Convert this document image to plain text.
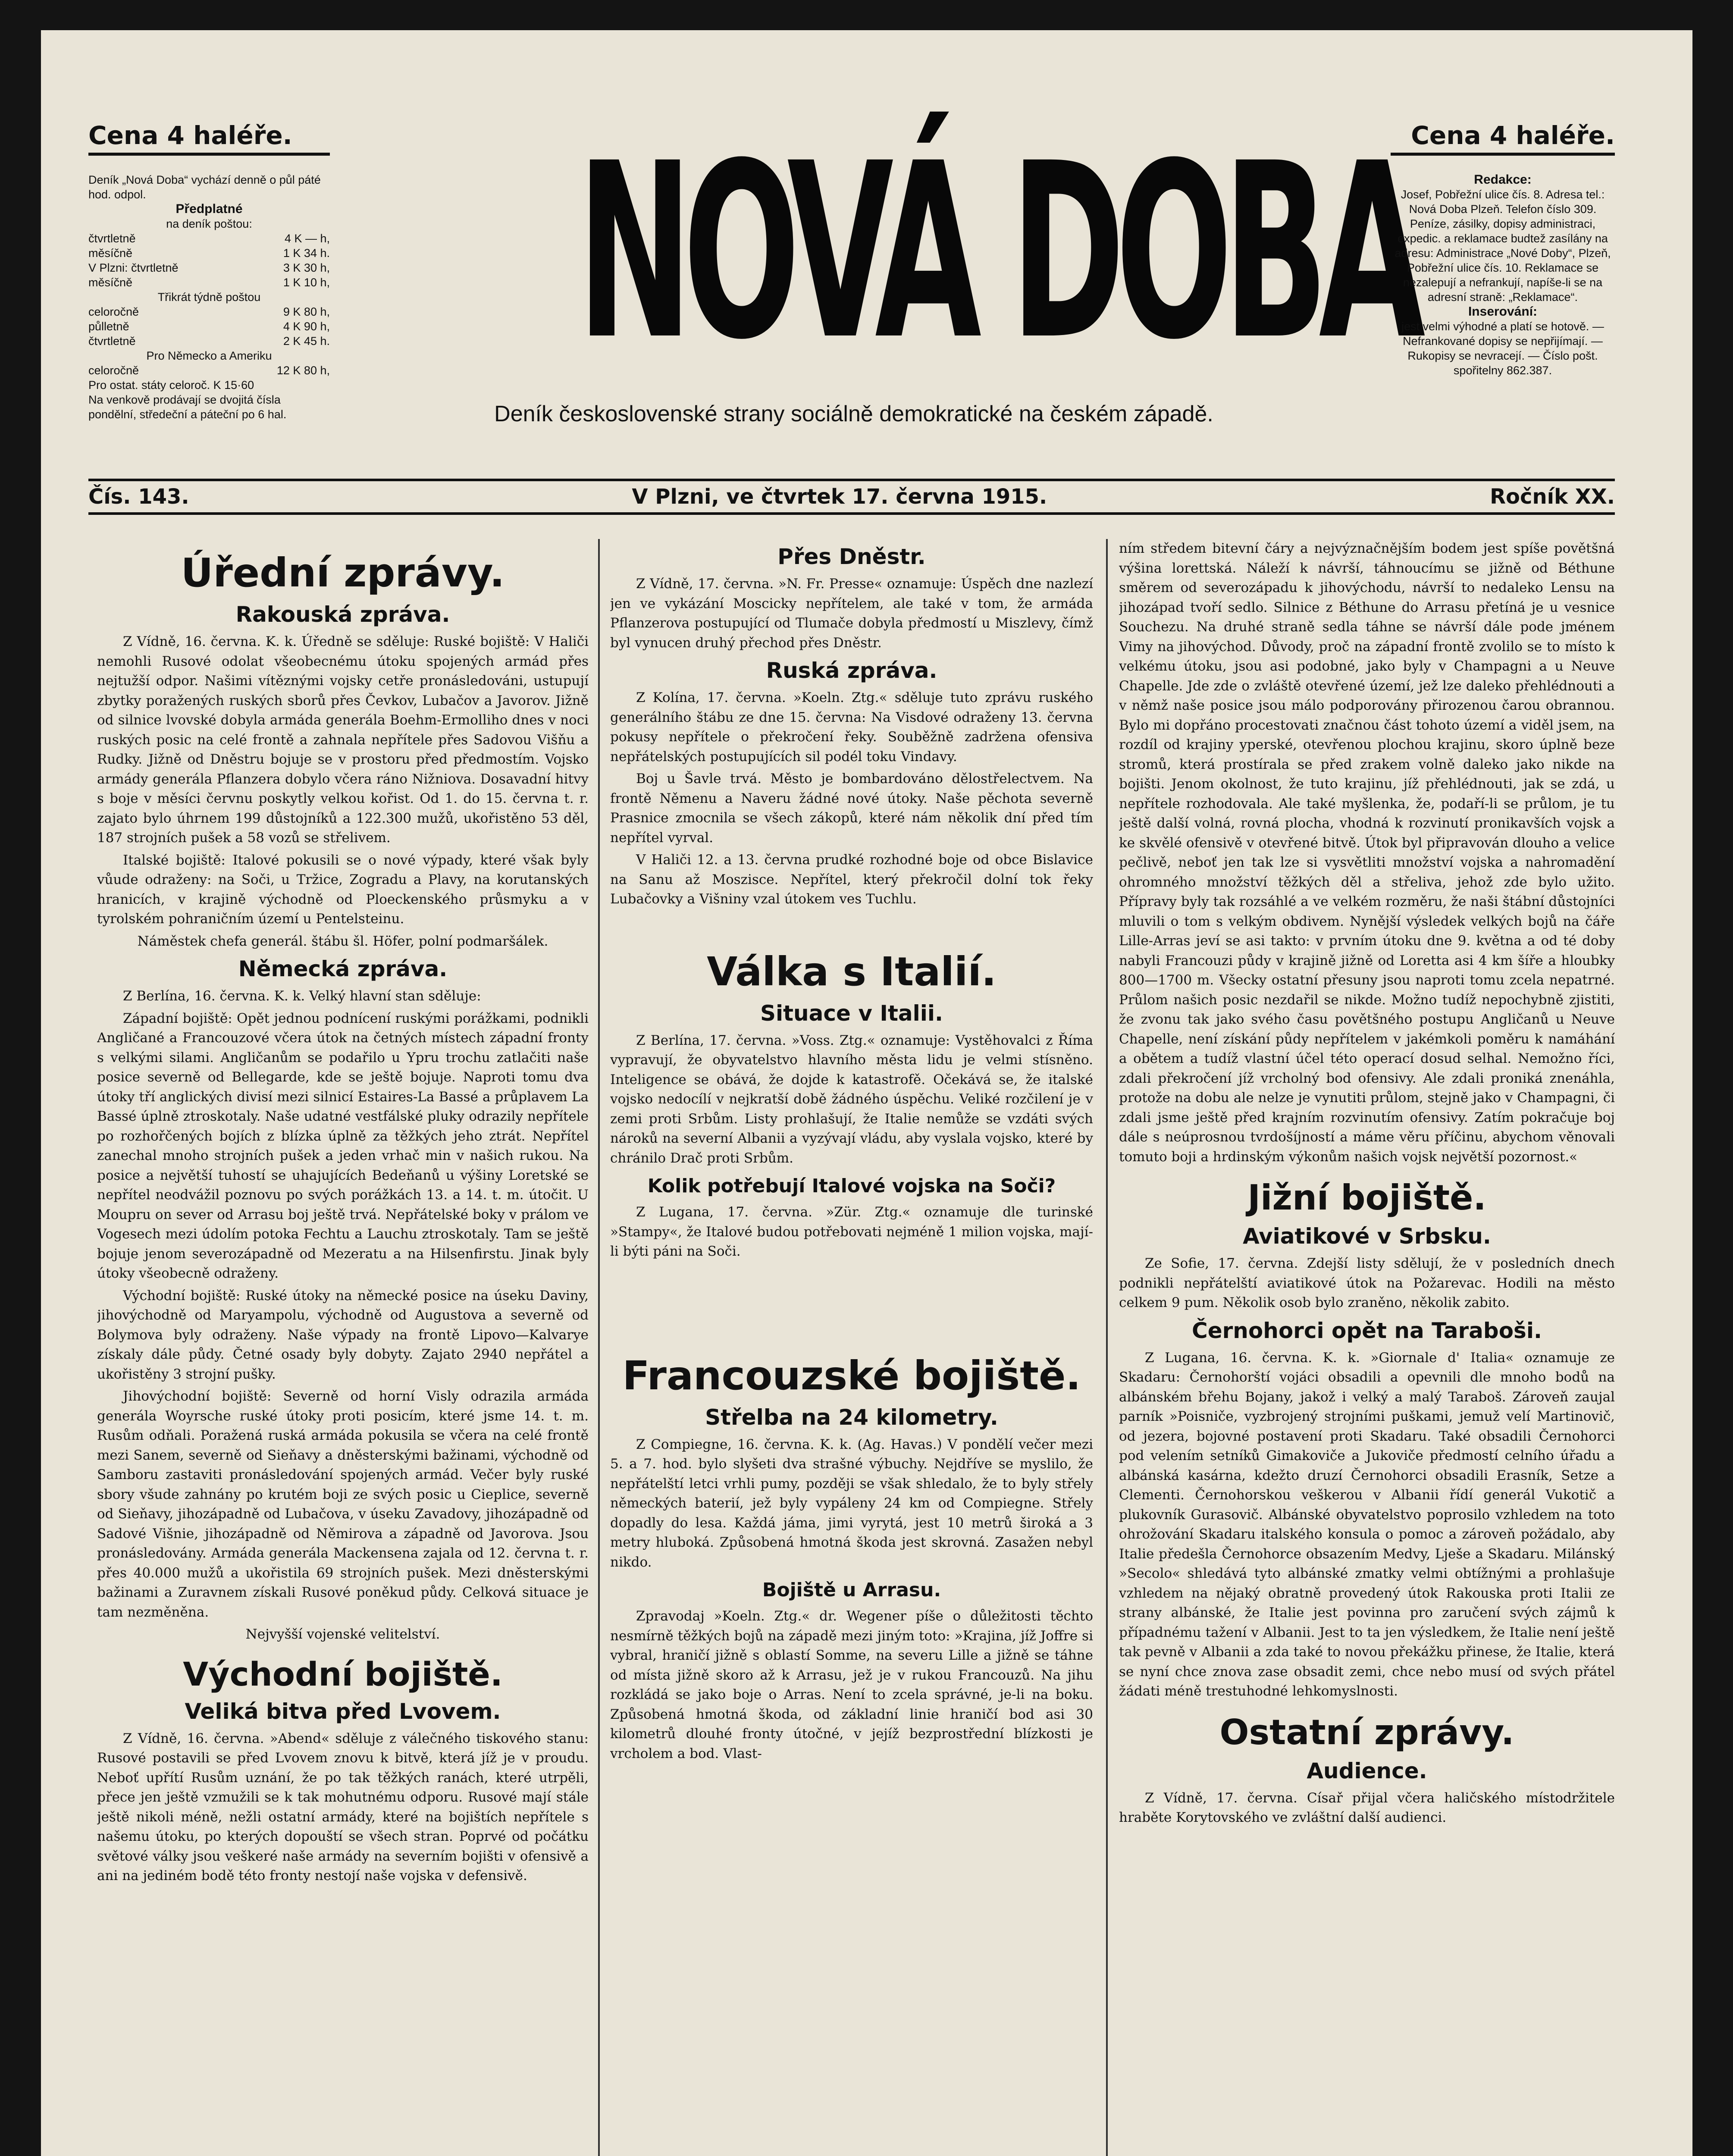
Cena 4 haléře.	Cena 4 haléře.

Deník „Nová Doba“ vychází denně o půl páté hod. odpol.

Předplatné

na deník poštou:

čtvrtletně	4 K — h,
měsíčně	1 K 34 h.
V Plzni: čtvrtletně	3 K 30 h,
měsíčně	1 K 10 h,

Třikrát týdně poštou

celoročně	9 K 80 h,
půlletně	4 K 90 h,
čtvrtletně	2 K 45 h.

Pro Německo a Ameriku

celoročně	12 K 80 h,

Pro ostat. státy celoroč. K 15·60

Na venkově prodávají se dvojitá čísla pondělní, středeční a páteční po 6 hal.

NOVÁ DOBA
Deník československé strany sociálně demokratické na českém západě.
Redakce:

Josef, Pobřežní ulice čís. 8. Adresa tel.: Nová Doba Plzeň. Telefon číslo 309.

Peníze, zásilky, dopisy administraci, expedic. a reklamace budtež zasílány na adresu: Administrace „Nové Doby“, Plzeň, Pobřežní ulice čís. 10. Reklamace se nezalepují a nefrankují, napíše-li se na adresní straně: „Reklamace“.

Inserování:

jest velmi výhodné a platí se hotově. — Nefrankované dopisy se nepřijímají. — Rukopisy se nevracejí. — Číslo pošt. spořitelny 862.387.

Čís. 143.	V Plzni, ve čtvrtek 17. června 1915.	Ročník XX.
Úřední zprávy.
Rakouská zpráva.

Z Vídně, 16. června. K. k. Úředně se sděluje: Ruské bojiště: V Haliči nemohli Rusové odolat všeobecnému útoku spojených armád přes nejtužší odpor. Našimi vítěznými vojsky cetře pronásledováni, ustupují zbytky poražených ruských sborů přes Čevkov, Lubačov a Javorov. Jižně od silnice lvovské dobyla armáda generála Boehm-Ermolliho dnes v noci ruských posic na celé frontě a zahnala nepřítele přes Sadovou Višňu a Rudky. Jižně od Dněstru bojuje se v prostoru před předmostím. Vojsko armády generála Pflanzera dobylo včera ráno Nižniova. Dosavadní hitvy s boje v měsíci červnu poskytly velkou kořist. Od 1. do 15. června t. r. zajato bylo úhrnem 199 důstojníků a 122.300 mužů, ukořistěno 53 děl, 187 strojních pušek a 58 vozů se střelivem.

Italské bojiště: Italové pokusili se o nové výpady, které však byly vůude odraženy: na Soči, u Tržice, Zogradu a Plavy, na korutanských hranicích, v krajině východně od Ploeckenského průsmyku a v tyrolském pohraničním území u Pentelsteinu.

Náměstek chefa generál. štábu šl. Höfer, polní podmaršálek.

Německá zpráva.

Z Berlína, 16. června. K. k. Velký hlavní stan sděluje:

Západní bojiště: Opět jednou podnícení ruskými porážkami, podnikli Angličané a Francouzové včera útok na četných místech západní fronty s velkými silami. Angličanům se podařilo u Ypru trochu zatlačiti naše posice severně od Bellegarde, kde se ještě bojuje. Naproti tomu dva útoky tří anglických divisí mezi silnicí Estaires-La Bassé a průplavem La Bassé úplně ztroskotaly. Naše udatné vestfálské pluky odrazily nepřítele po rozhořčených bojích z blízka úplně za těžkých jeho ztrát. Nepřítel zanechal mnoho strojních pušek a jeden vrhač min v našich rukou. Na posice a největší tuhostí se uhajujících Bedeňanů u výšiny Loretské se nepřítel neodvážil poznovu po svých porážkách 13. a 14. t. m. útočit. U Moupru on sever od Arrasu boj ještě trvá. Nepřátelské boky v prálom ve Vogesech mezi údolím potoka Fechtu a Lauchu ztroskotaly. Tam se ještě bojuje jenom severozápadně od Mezeratu a na Hilsenfirstu. Jinak byly útoky všeobecně odraženy.

Východní bojiště: Ruské útoky na německé posice na úseku Daviny, jihovýchodně od Maryampolu, východně od Augustova a severně od Bolymova byly odraženy. Naše výpady na frontě Lipovo—Kalvarye získaly dále půdy. Četné osady byly dobyty. Zajato 2940 nepřátel a ukořistěny 3 strojní pušky.

Jihovýchodní bojiště: Severně od horní Visly odrazila armáda generála Woyrsche ruské útoky proti posicím, které jsme 14. t. m. Rusům odňali. Poražená ruská armáda pokusila se včera na celé frontě mezi Sanem, severně od Sieňavy a dněsterskými bažinami, východně od Samboru zastaviti pronásledování spojených armád. Večer byly ruské sbory všude zahnány po krutém boji ze svých posic u Cieplice, severně od Sieňavy, jihozápadně od Lubačova, v úseku Zavadovy, jihozápadně od Sadové Višnie, jihozápadně od Němirova a západně od Javorova. Jsou pronásledovány. Armáda generála Mackensena zajala od 12. června t. r. přes 40.000 mužů a ukořistila 69 strojních pušek. Mezi dněsterskými bažinami a Zuravnem získali Rusové poněkud půdy. Celková situace je tam nezměněna.

Nejvyšší vojenské velitelství.

Východní bojiště.
Veliká bitva před Lvovem.

Z Vídně, 16. června. »Abend« sděluje z válečného tiskového stanu: Rusové postavili se před Lvovem znovu k bitvě, která jíž je v proudu. Neboť upřítí Rusům uznání, že po tak těžkých ranách, které utrpěli, přece jen ještě vzmužili se k tak mohutnému odporu. Rusové mají stále ještě nikoli méně, nežli ostatní armády, které na bojištích nepřítele s našemu útoku, po kterých dopouští se všech stran. Poprvé od počátku světové války jsou veškeré naše armády na severním bojišti v ofensivě a ani na jediném bodě této fronty nestojí naše vojska v defensivě.

Přes Dněstr.

Z Vídně, 17. června. »N. Fr. Presse« oznamuje: Úspěch dne nazlezí jen ve vykázání Moscicky nepřítelem, ale také v tom, že armáda Pflanzerova postupující od Tlumače dobyla předmostí u Miszlevy, čímž byl vynucen druhý přechod přes Dněstr.

Ruská zpráva.

Z Kolína, 17. června. »Koeln. Ztg.« sděluje tuto zprávu ruského generálního štábu ze dne 15. června: Na Visdové odraženy 13. června pokusy nepřítele o překročení řeky. Souběžně zadržena ofensiva nepřátelských postupujících sil podél toku Vindavy.

Boj u Šavle trvá. Město je bombardováno dělostřelectvem. Na frontě Němenu a Naveru žádné nové útoky. Naše pěchota severně Prasnice zmocnila se všech zákopů, které nám několik dní před tím nepřítel vyrval.

V Haliči 12. a 13. června prudké rozhodné boje od obce Bislavice na Sanu až Moszisce. Nepřítel, který překročil dolní tok řeky Lubačovky a Višniny vzal útokem ves Tuchlu.

Válka s Italií.
Situace v Italii.

Z Berlína, 17. června. »Voss. Ztg.« oznamuje: Vystěhovalci z Říma vypravují, že obyvatelstvo hlavního města lidu je velmi stísněno. Inteligence se obává, že dojde k katastrofě. Očekává se, že italské vojsko nedocílí v nejkratší době žádného úspěchu. Veliké rozčilení je v zemi proti Srbům. Listy prohlašují, že Italie nemůže se vzdáti svých nároků na severní Albanii a vyzývají vládu, aby vyslala vojsko, které by chránilo Drač proti Srbům.

Kolik potřebují Italové vojska na Soči?

Z Lugana, 17. června. »Zür. Ztg.« oznamuje dle turinské »Stampy«, že Italové budou potřebovati nejméně 1 milion vojska, mají-li býti páni na Soči.

Francouzské bojiště.
Střelba na 24 kilometry.

Z Compiegne, 16. června. K. k. (Ag. Havas.) V pondělí večer mezi 5. a 7. hod. bylo slyšeti dva strašné výbuchy. Nejdříve se myslilo, že nepřátelští letci vrhli pumy, později se však shledalo, že to byly střely německých baterií, jež byly vypáleny 24 km od Compiegne. Střely dopadly do lesa. Každá jáma, jimi vyrytá, jest 10 metrů široká a 3 metry hluboká. Způsobená hmotná škoda jest skrovná. Zasažen nebyl nikdo.

Bojiště u Arrasu.

Zpravodaj »Koeln. Ztg.« dr. Wegener píše o důležitosti těchto nesmírně těžkých bojů na západě mezi jiným toto: »Krajina, jíž Joffre si vybral, hraničí jižně s oblastí Somme, na severu Lille a jižně se táhne od místa jižně skoro až k Arrasu, jež je v rukou Francouzů. Na jihu rozkládá se jako boje o Arras. Není to zcela správné, je-li na boku. Způsobená hmotná škoda, od základní linie hraničí bod asi 30 kilometrů dlouhé fronty útočné, v jejíž bezprostřední blízkosti je vrcholem a bod. Vlast-

ním středem bitevní čáry a nejvýznačnějším bodem jest spíše povětšná výšina lorettská. Náleží k návrší, táhnoucímu se jižně od Béthune směrem od severozápadu k jihovýchodu, návrší to nedaleko Lensu na jihozápad tvoří sedlo. Silnice z Béthune do Arrasu přetíná je u vesnice Souchezu. Na druhé straně sedla táhne se návrší dále pode jménem Vimy na jihovýchod. Důvody, proč na západní frontě zvolilo se to místo k velkému útoku, jsou asi podobné, jako byly v Champagni a u Neuve Chapelle. Jde zde o zvláště otevřené území, jež lze daleko přehlédnouti a v němž naše posice jsou málo podporovány přirozenou čarou obrannou. Bylo mi dopřáno procestovati značnou část tohoto území a viděl jsem, na rozdíl od krajiny yperské, otevřenou plochou krajinu, skoro úplně beze stromů, která prostírala se před zrakem volně daleko jako nikde na bojišti. Jenom okolnost, že tuto krajinu, jíž přehlédnouti, jak se zdá, u nepřítele rozhodovala. Ale také myšlenka, že, podaří-li se průlom, je tu ještě další volná, rovná plocha, vhodná k rozvinutí pronikavších vojsk a ke skvělé ofensivě v otevřené bitvě. Útok byl připravován dlouho a velice pečlivě, neboť jen tak lze si vysvětliti množství vojska a nahromadění ohromného množství těžkých děl a střeliva, jehož zde bylo užito. Přípravy byly tak rozsáhlé a ve velkém rozměru, že naši štábní důstojníci mluvili o tom s velkým obdivem. Nynější výsledek velkých bojů na čáře Lille-Arras jeví se asi takto: v prvním útoku dne 9. května a od té doby nabyli Francouzi půdy v krajině jižně od Loretta asi 4 km šíře a hloubky 800—1700 m. Všecky ostatní přesuny jsou naproti tomu zcela nepatrné. Průlom našich posic nezdařil se nikde. Možno tudíž nepochybně zjistiti, že zvonu tak jako svého času povětšného postupu Angličanů u Neuve Chapelle, není získání půdy nepřítelem v jakémkoli poměru k namáhání a obětem a tudíž vlastní účel této operací dosud selhal. Nemožno říci, zdali překročení jíž vrcholný bod ofensivy. Ale zdali proniká znenáhla, protože na dobu ale nelze je vynutiti průlom, stejně jako v Champagni, či zdali jsme ještě před krajním rozvinutím ofensivy. Zatím pokračuje boj dále s neúprosnou tvrdošíjností a máme věru příčinu, abychom věnovali tomuto boji a hrdinským výkonům našich vojsk největší pozornost.«

Jižní bojiště.
Aviatikové v Srbsku.

Ze Sofie, 17. června. Zdejší listy sdělují, že v posledních dnech podnikli nepřátelští aviatikové útok na Požarevac. Hodili na město celkem 9 pum. Několik osob bylo zraněno, několik zabito.

Černohorci opět na Taraboši.

Z Lugana, 16. června. K. k. »Giornale d' Italia« oznamuje ze Skadaru: Černohorští vojáci obsadili a opevnili dle mnoho bodů na albánském břehu Bojany, jakož i velký a malý Taraboš. Zároveň zaujal parník »Poisniče, vyzbrojený strojními puškami, jemuž velí Martinovič, od jezera, bojovné postavení proti Skadaru. Také obsadili Černohorci pod velením setníků Gimakoviče a Jukoviče předmostí celního úřadu a albánská kasárna, kdežto druzí Černohorci obsadili Erasník, Setze a Clementi. Černohorskou veškerou v Albanii řídí generál Vukotič a plukovník Gurasovič. Albánské obyvatelstvo poprosilo vzhledem na toto ohrožování Skadaru italského konsula o pomoc a zároveň požádalo, aby Italie předešla Černohorce obsazením Medvy, Lješe a Skadaru. Milánský »Secolo« shledává tyto albánské zmatky velmi obtížnými a prohlašuje vzhledem na nějaký obratně provedený útok Rakouska proti Italii ze strany albánské, že Italie jest povinna pro zaručení svých zájmů k případnému tažení v Albanii. Jest to ta jen výsledkem, že Italie není ještě tak pevně v Albanii a zda také to novou překážku přinese, že Italie, která se nyní chce znova zase obsadit zemi, chce nebo musí od svých přátel žádati méně trestuhodné lehkomyslnosti.

Ostatní zprávy.
Audience.

Z Vídně, 17. června. Císař přijal včera haličského místodržitele hraběte Korytovského ve zvláštní další audienci.
